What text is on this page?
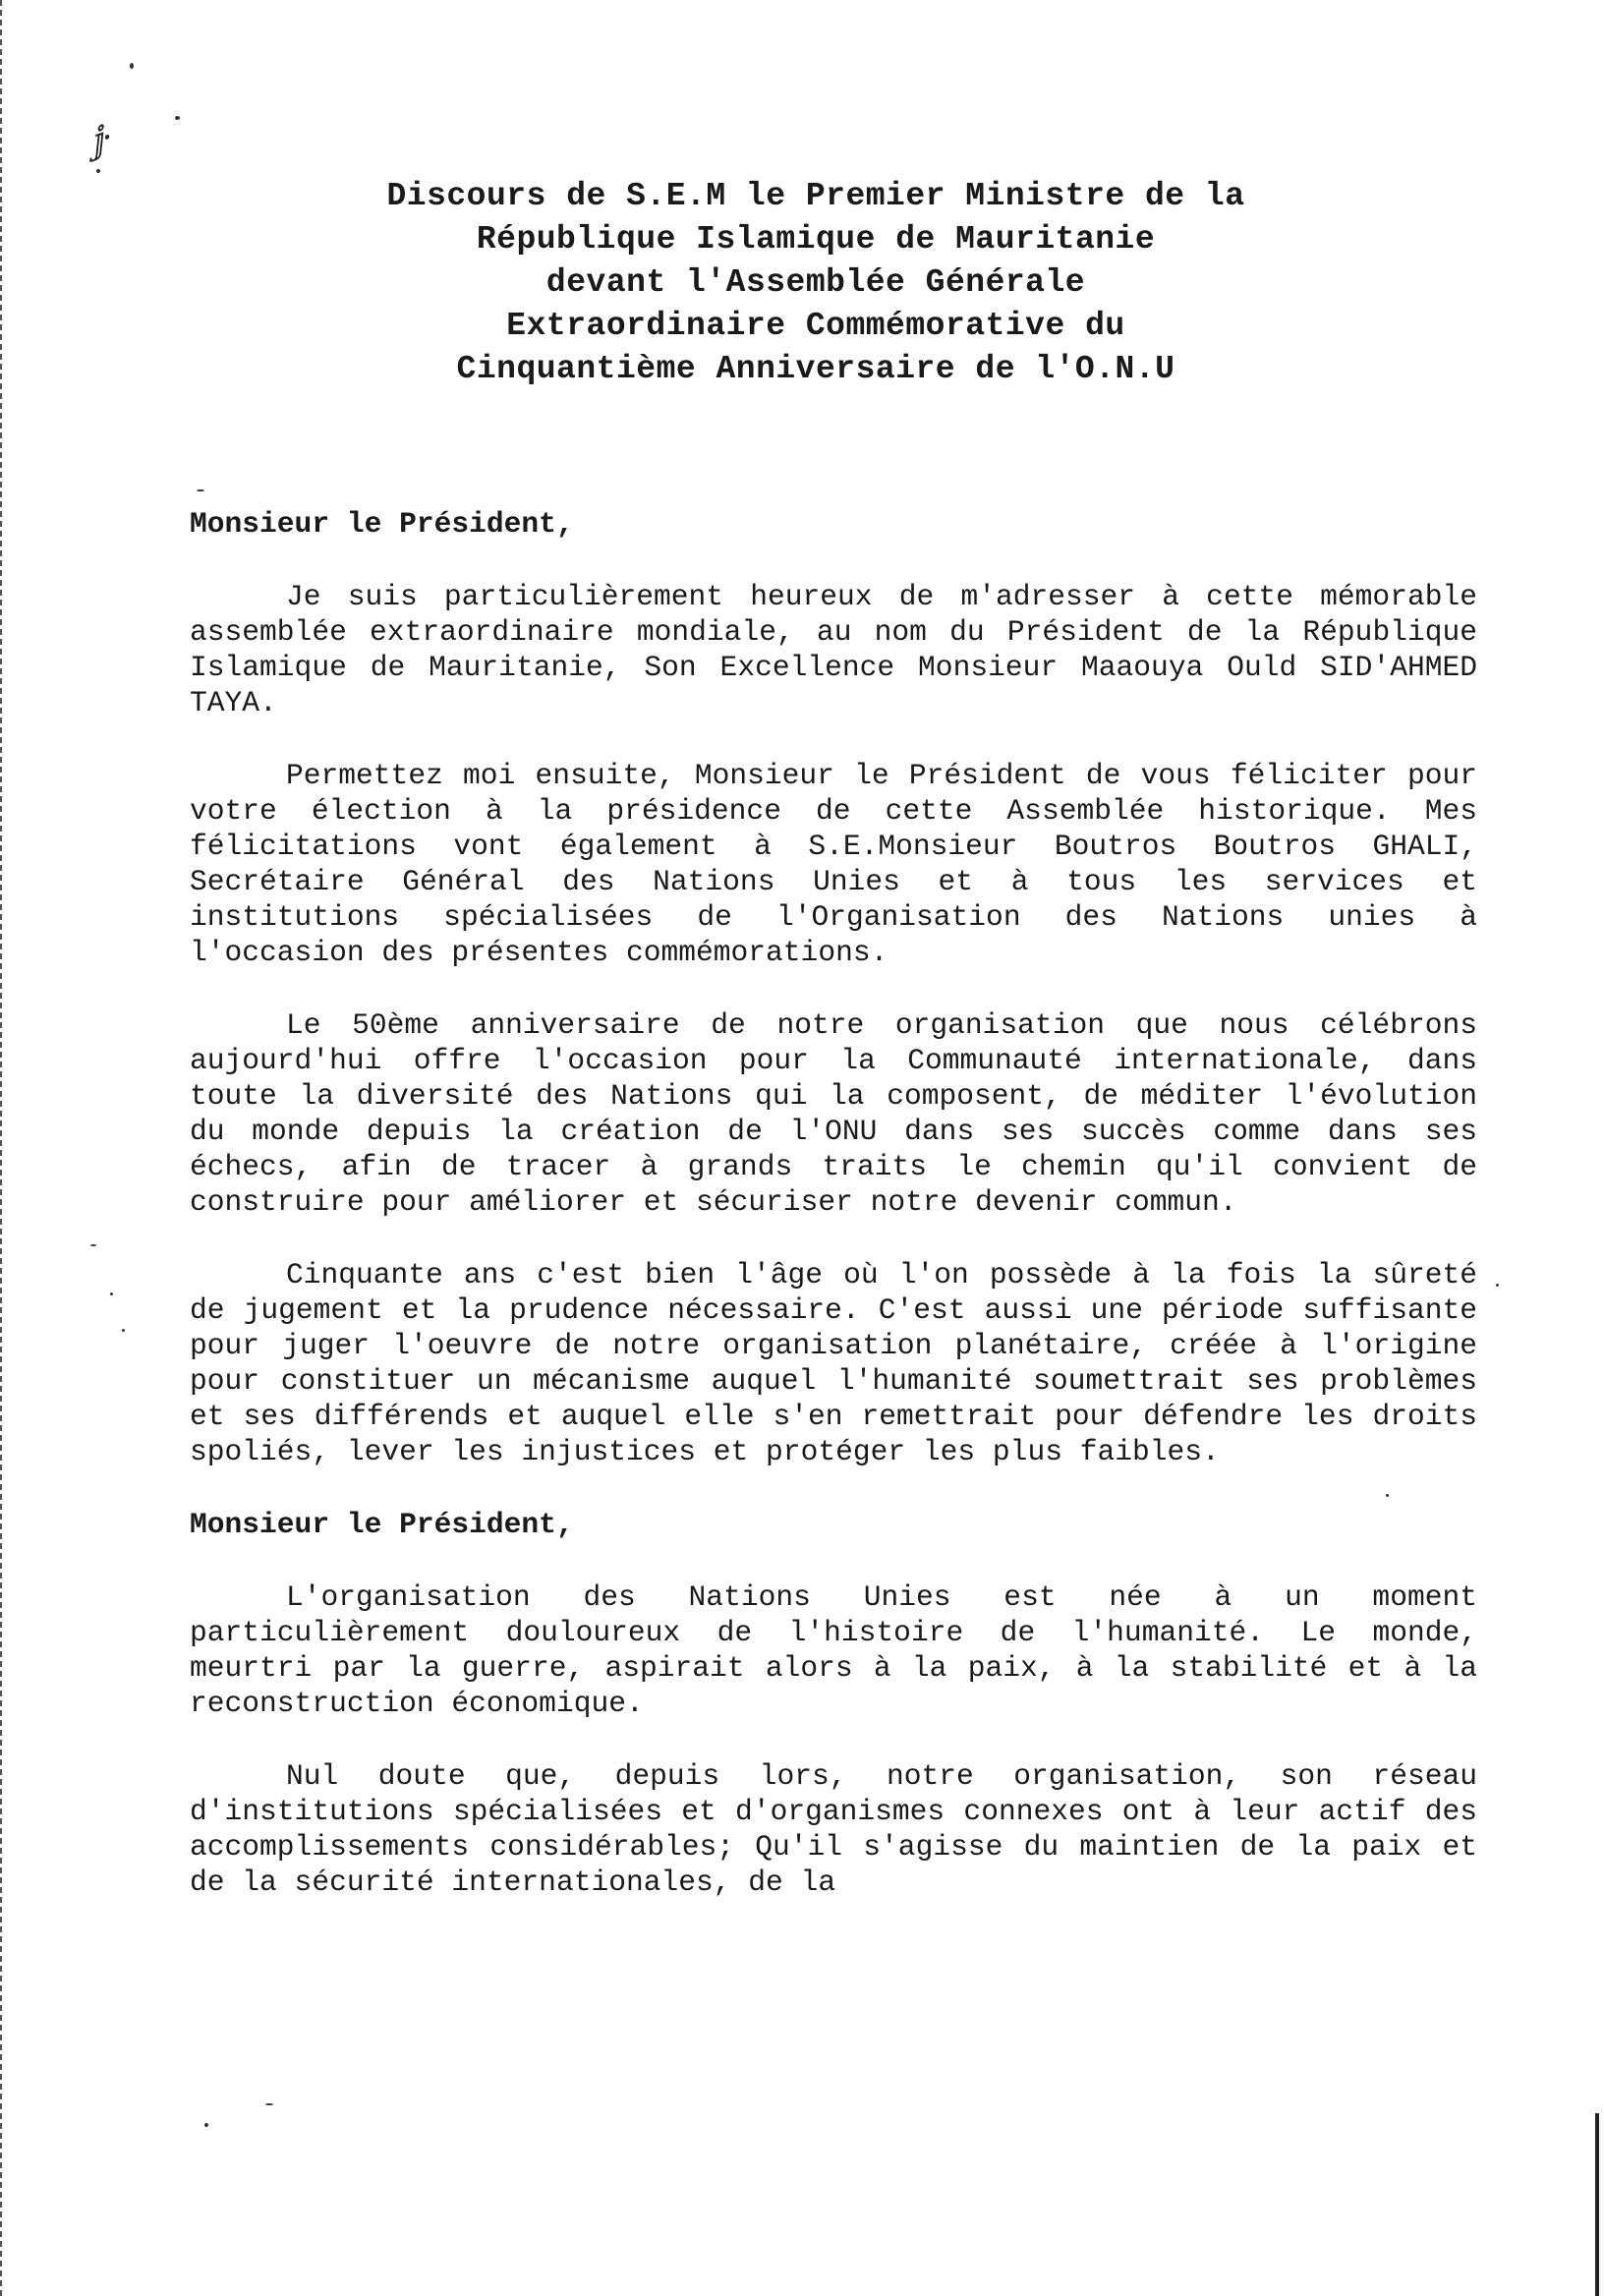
ⅉ·
Discours de S.E.M le Premier Ministre de la
République Islamique de Mauritanie
devant l'Assemblée Générale
Extraordinaire Commémorative du
Cinquantième Anniversaire de l'O.N.U

Monsieur le Président,

Je suis particulièrement heureux de m'adresser à cette mémorable assemblée extraordinaire mondiale, au nom du Président de la République Islamique de Mauritanie, Son Excellence Monsieur Maaouya Ould SID'AHMED TAYA.

Permettez moi ensuite, Monsieur le Président de vous féliciter pour votre élection à la présidence de cette Assemblée historique. Mes félicitations vont également à S.E.Monsieur Boutros Boutros GHALI, Secrétaire Général des Nations Unies et à tous les services et institutions spécialisées de l'Organisation des Nations unies à l'occasion des présentes commémorations.

Le 50ème anniversaire de notre organisation que nous célébrons aujourd'hui offre l'occasion pour la Communauté internationale, dans toute la diversité des Nations qui la composent, de méditer l'évolution du monde depuis la création de l'ONU dans ses succès comme dans ses échecs, afin de tracer à grands traits le chemin qu'il convient de construire pour améliorer et sécuriser notre devenir commun.

Cinquante ans c'est bien l'âge où l'on possède à la fois la sûreté de jugement et la prudence nécessaire. C'est aussi une période suffisante pour juger l'oeuvre de notre organisation planétaire, créée à l'origine pour constituer un mécanisme auquel l'humanité soumettrait ses problèmes et ses différends et auquel elle s'en remettrait pour défendre les droits spoliés, lever les injustices et protéger les plus faibles.

Monsieur le Président,

L'organisation des Nations Unies est née à un moment particulièrement douloureux de l'histoire de l'humanité. Le monde, meurtri par la guerre, aspirait alors à la paix, à la stabilité et à la reconstruction économique.

Nul doute que, depuis lors, notre organisation, son réseau d'institutions spécialisées et d'organismes connexes ont à leur actif des accomplissements considérables; Qu'il s'agisse du maintien de la paix et de la sécurité internationales, de la
